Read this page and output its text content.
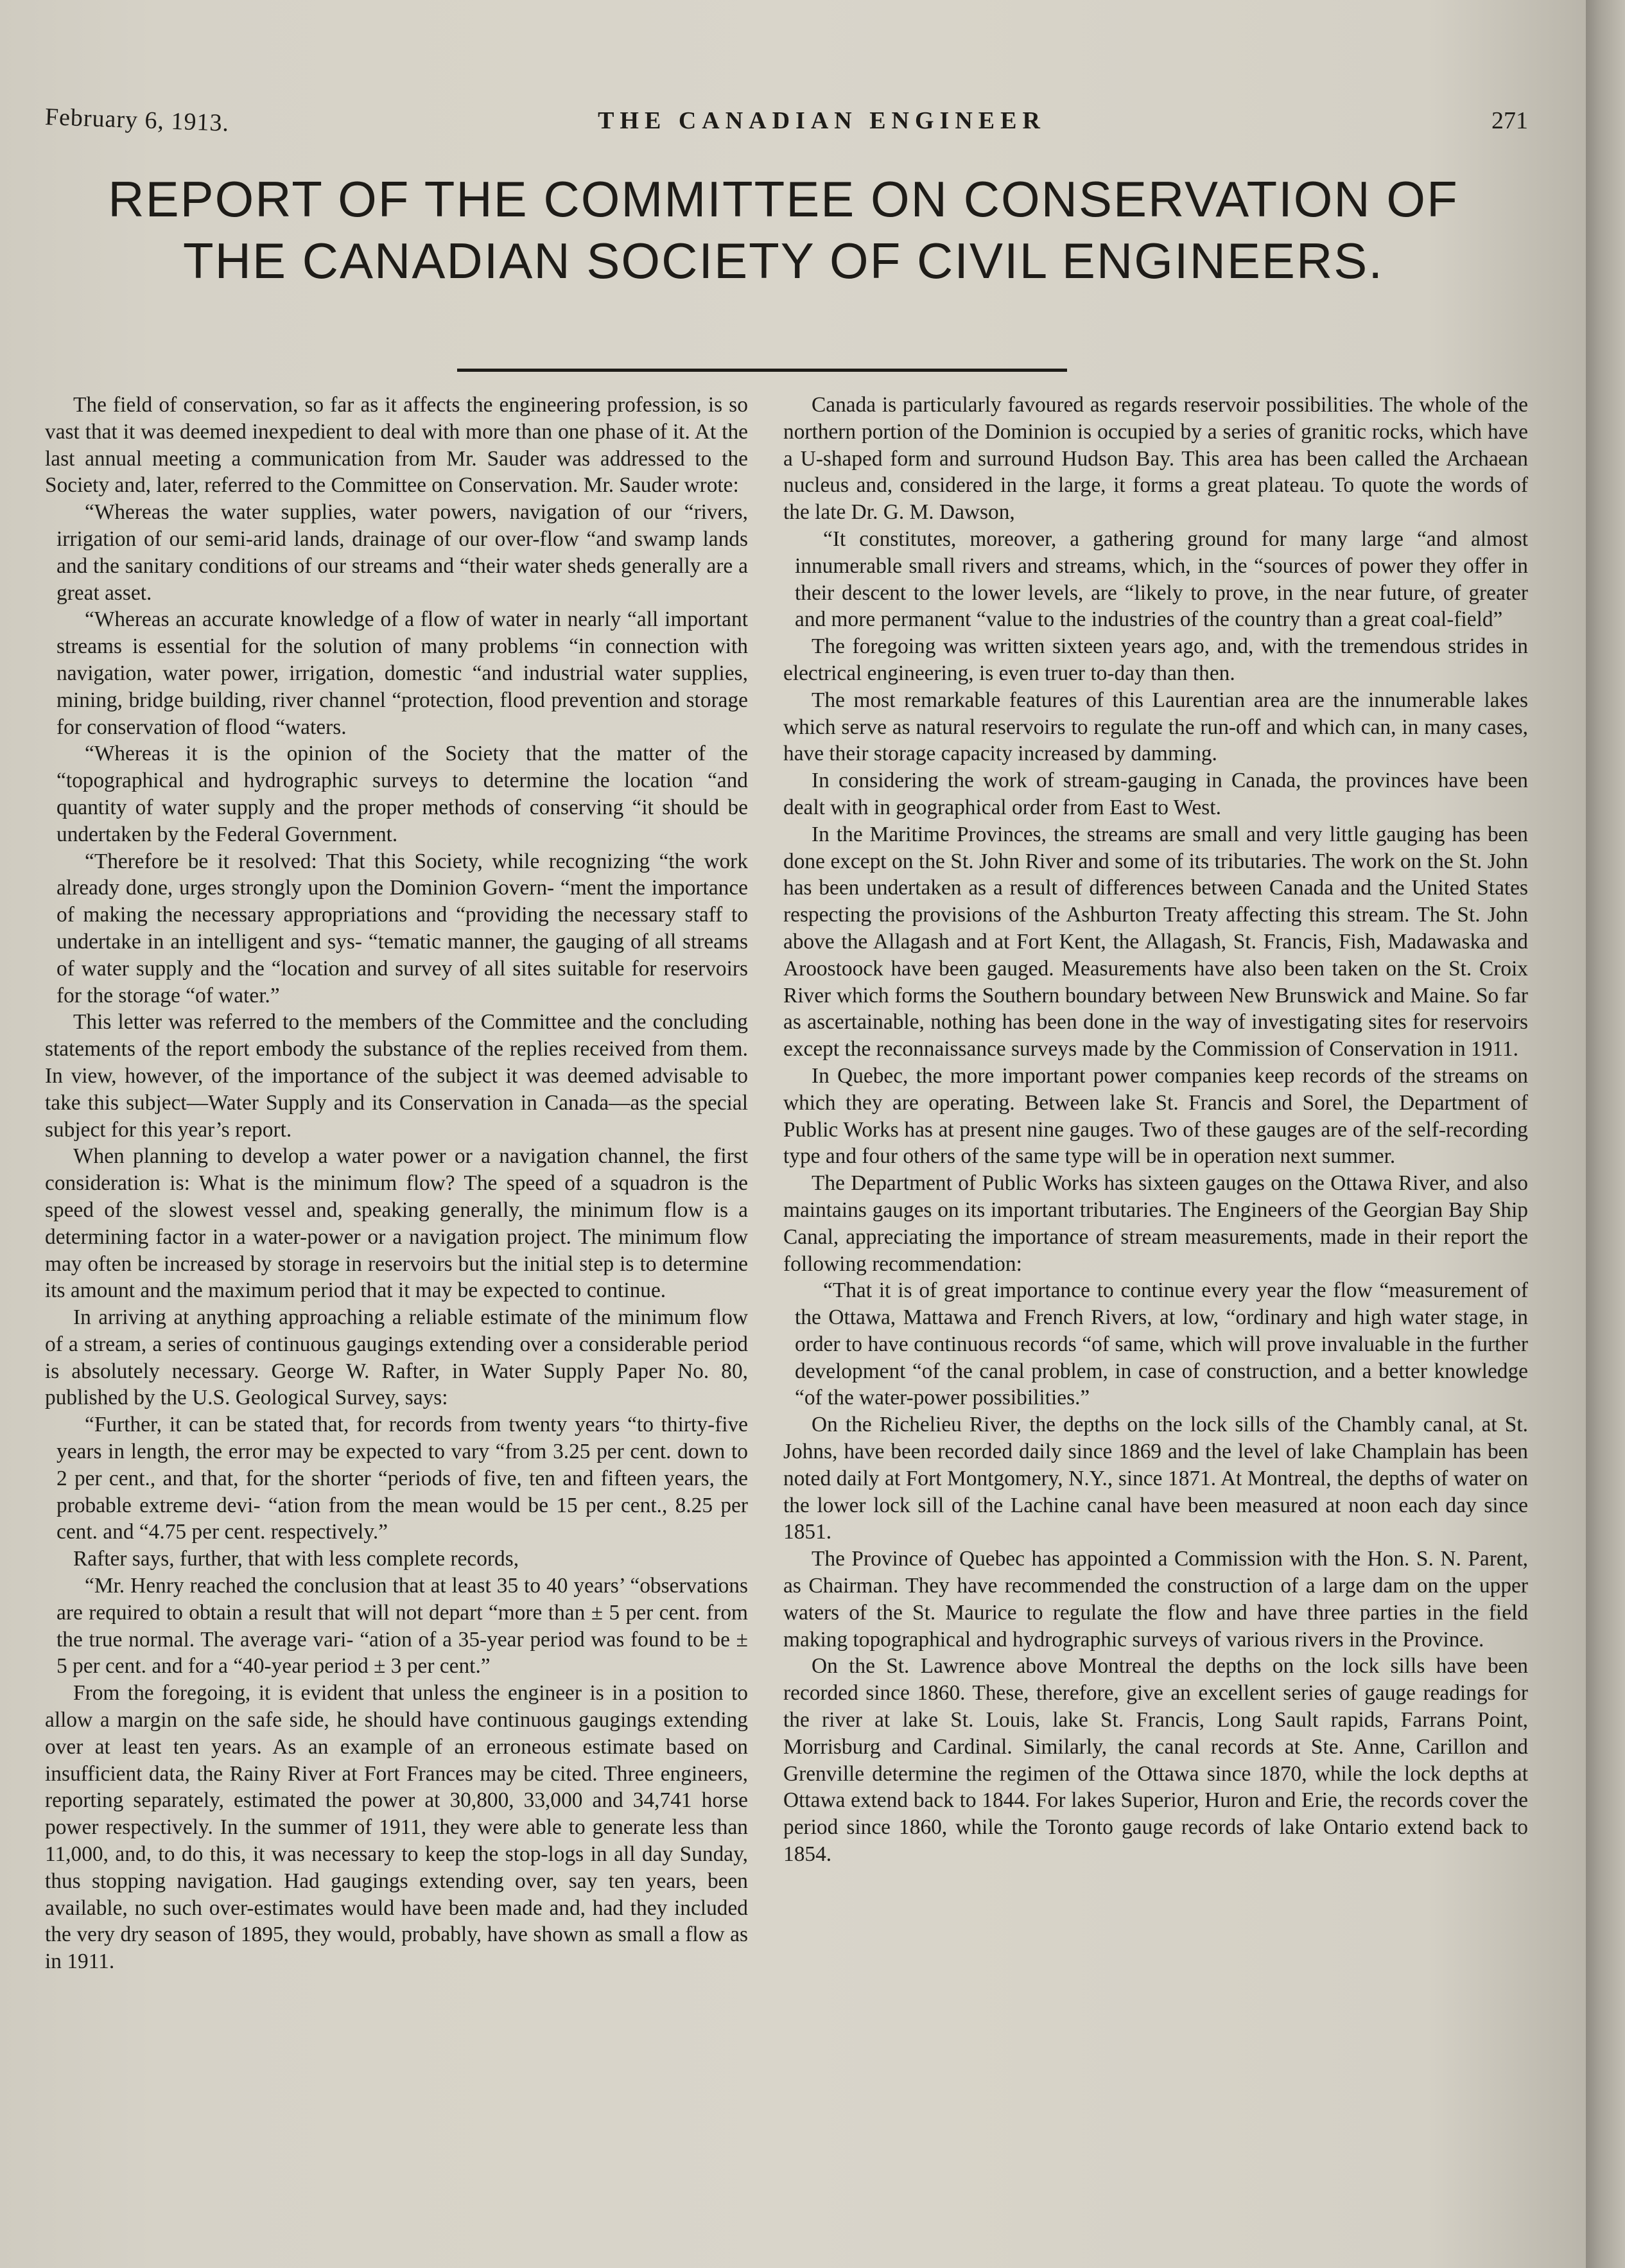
February 6, 1913.	THE CANADIAN ENGINEER	271
REPORT OF THE COMMITTEE ON CONSERVATION OF THE CANADIAN SOCIETY OF CIVIL ENGINEERS.

The field of conservation, so far as it affects the engineering profession, is so vast that it was deemed inexpedient to deal with more than one phase of it. At the last annual meeting a communication from Mr. Sauder was addressed to the Society and, later, referred to the Committee on Conservation. Mr. Sauder wrote:

“Whereas the water supplies, water powers, navigation of our “rivers, irrigation of our semi-arid lands, drainage of our over-flow “and swamp lands and the sanitary conditions of our streams and “their water sheds generally are a great asset.

“Whereas an accurate knowledge of a flow of water in nearly “all important streams is essential for the solution of many problems “in connection with navigation, water power, irrigation, domestic “and industrial water supplies, mining, bridge building, river channel “protection, flood prevention and storage for conservation of flood “waters.

“Whereas it is the opinion of the Society that the matter of the “topographical and hydrographic surveys to determine the location “and quantity of water supply and the proper methods of conserving “it should be undertaken by the Federal Government.

“Therefore be it resolved: That this Society, while recognizing “the work already done, urges strongly upon the Dominion Govern- “ment the importance of making the necessary appropriations and “providing the necessary staff to undertake in an intelligent and sys- “tematic manner, the gauging of all streams of water supply and the “location and survey of all sites suitable for reservoirs for the storage “of water.”

This letter was referred to the members of the Committee and the concluding statements of the report embody the substance of the replies received from them. In view, however, of the importance of the subject it was deemed advisable to take this subject—Water Supply and its Conservation in Canada—as the special subject for this year’s report.

When planning to develop a water power or a navigation channel, the first consideration is: What is the minimum flow? The speed of a squadron is the speed of the slowest vessel and, speaking generally, the minimum flow is a determining factor in a water-power or a navigation project. The minimum flow may often be increased by storage in reservoirs but the initial step is to determine its amount and the maximum period that it may be expected to continue.

In arriving at anything approaching a reliable estimate of the minimum flow of a stream, a series of continuous gaugings extending over a considerable period is absolutely necessary. George W. Rafter, in Water Supply Paper No. 80, published by the U.S. Geological Survey, says:

“Further, it can be stated that, for records from twenty years “to thirty-five years in length, the error may be expected to vary “from 3.25 per cent. down to 2 per cent., and that, for the shorter “periods of five, ten and fifteen years, the probable extreme devi- “ation from the mean would be 15 per cent., 8.25 per cent. and “4.75 per cent. respectively.”

Rafter says, further, that with less complete records,

“Mr. Henry reached the conclusion that at least 35 to 40 years’ “observations are required to obtain a result that will not depart “more than ± 5 per cent. from the true normal. The average vari- “ation of a 35-year period was found to be ± 5 per cent. and for a “40-year period ± 3 per cent.”

From the foregoing, it is evident that unless the engineer is in a position to allow a margin on the safe side, he should have continuous gaugings extending over at least ten years. As an example of an erroneous estimate based on insufficient data, the Rainy River at Fort Frances may be cited. Three engineers, reporting separately, estimated the power at 30,800, 33,000 and 34,741 horse power respectively. In the summer of 1911, they were able to generate less than 11,000, and, to do this, it was necessary to keep the stop-logs in all day Sunday, thus stopping navigation. Had gaugings extending over, say ten years, been available, no such over-estimates would have been made and, had they included the very dry season of 1895, they would, probably, have shown as small a flow as in 1911.

Canada is particularly favoured as regards reservoir possibilities. The whole of the northern portion of the Dominion is occupied by a series of granitic rocks, which have a U-shaped form and surround Hudson Bay. This area has been called the Archaean nucleus and, considered in the large, it forms a great plateau. To quote the words of the late Dr. G. M. Dawson,

“It constitutes, moreover, a gathering ground for many large “and almost innumerable small rivers and streams, which, in the “sources of power they offer in their descent to the lower levels, are “likely to prove, in the near future, of greater and more permanent “value to the industries of the country than a great coal-field”

The foregoing was written sixteen years ago, and, with the tremendous strides in electrical engineering, is even truer to-day than then.

The most remarkable features of this Laurentian area are the innumerable lakes which serve as natural reservoirs to regulate the run-off and which can, in many cases, have their storage capacity increased by damming.

In considering the work of stream-gauging in Canada, the provinces have been dealt with in geographical order from East to West.

In the Maritime Provinces, the streams are small and very little gauging has been done except on the St. John River and some of its tributaries. The work on the St. John has been undertaken as a result of differences between Canada and the United States respecting the provisions of the Ashburton Treaty affecting this stream. The St. John above the Allagash and at Fort Kent, the Allagash, St. Francis, Fish, Madawaska and Aroostoock have been gauged. Measurements have also been taken on the St. Croix River which forms the Southern boundary between New Brunswick and Maine. So far as ascertainable, nothing has been done in the way of investigating sites for reservoirs except the reconnaissance surveys made by the Commission of Conservation in 1911.

In Quebec, the more important power companies keep records of the streams on which they are operating. Between lake St. Francis and Sorel, the Department of Public Works has at present nine gauges. Two of these gauges are of the self-recording type and four others of the same type will be in operation next summer.

The Department of Public Works has sixteen gauges on the Ottawa River, and also maintains gauges on its important tributaries. The Engineers of the Georgian Bay Ship Canal, appreciating the importance of stream measurements, made in their report the following recommendation:

“That it is of great importance to continue every year the flow “measurement of the Ottawa, Mattawa and French Rivers, at low, “ordinary and high water stage, in order to have continuous records “of same, which will prove invaluable in the further development “of the canal problem, in case of construction, and a better knowledge “of the water-power possibilities.”

On the Richelieu River, the depths on the lock sills of the Chambly canal, at St. Johns, have been recorded daily since 1869 and the level of lake Champlain has been noted daily at Fort Montgomery, N.Y., since 1871. At Montreal, the depths of water on the lower lock sill of the Lachine canal have been measured at noon each day since 1851.

The Province of Quebec has appointed a Commission with the Hon. S. N. Parent, as Chairman. They have recommended the construction of a large dam on the upper waters of the St. Maurice to regulate the flow and have three parties in the field making topographical and hydrographic surveys of various rivers in the Province.

On the St. Lawrence above Montreal the depths on the lock sills have been recorded since 1860. These, therefore, give an excellent series of gauge readings for the river at lake St. Louis, lake St. Francis, Long Sault rapids, Farrans Point, Morrisburg and Cardinal. Similarly, the canal records at Ste. Anne, Carillon and Grenville determine the regimen of the Ottawa since 1870, while the lock depths at Ottawa extend back to 1844. For lakes Superior, Huron and Erie, the records cover the period since 1860, while the Toronto gauge records of lake Ontario extend back to 1854.
